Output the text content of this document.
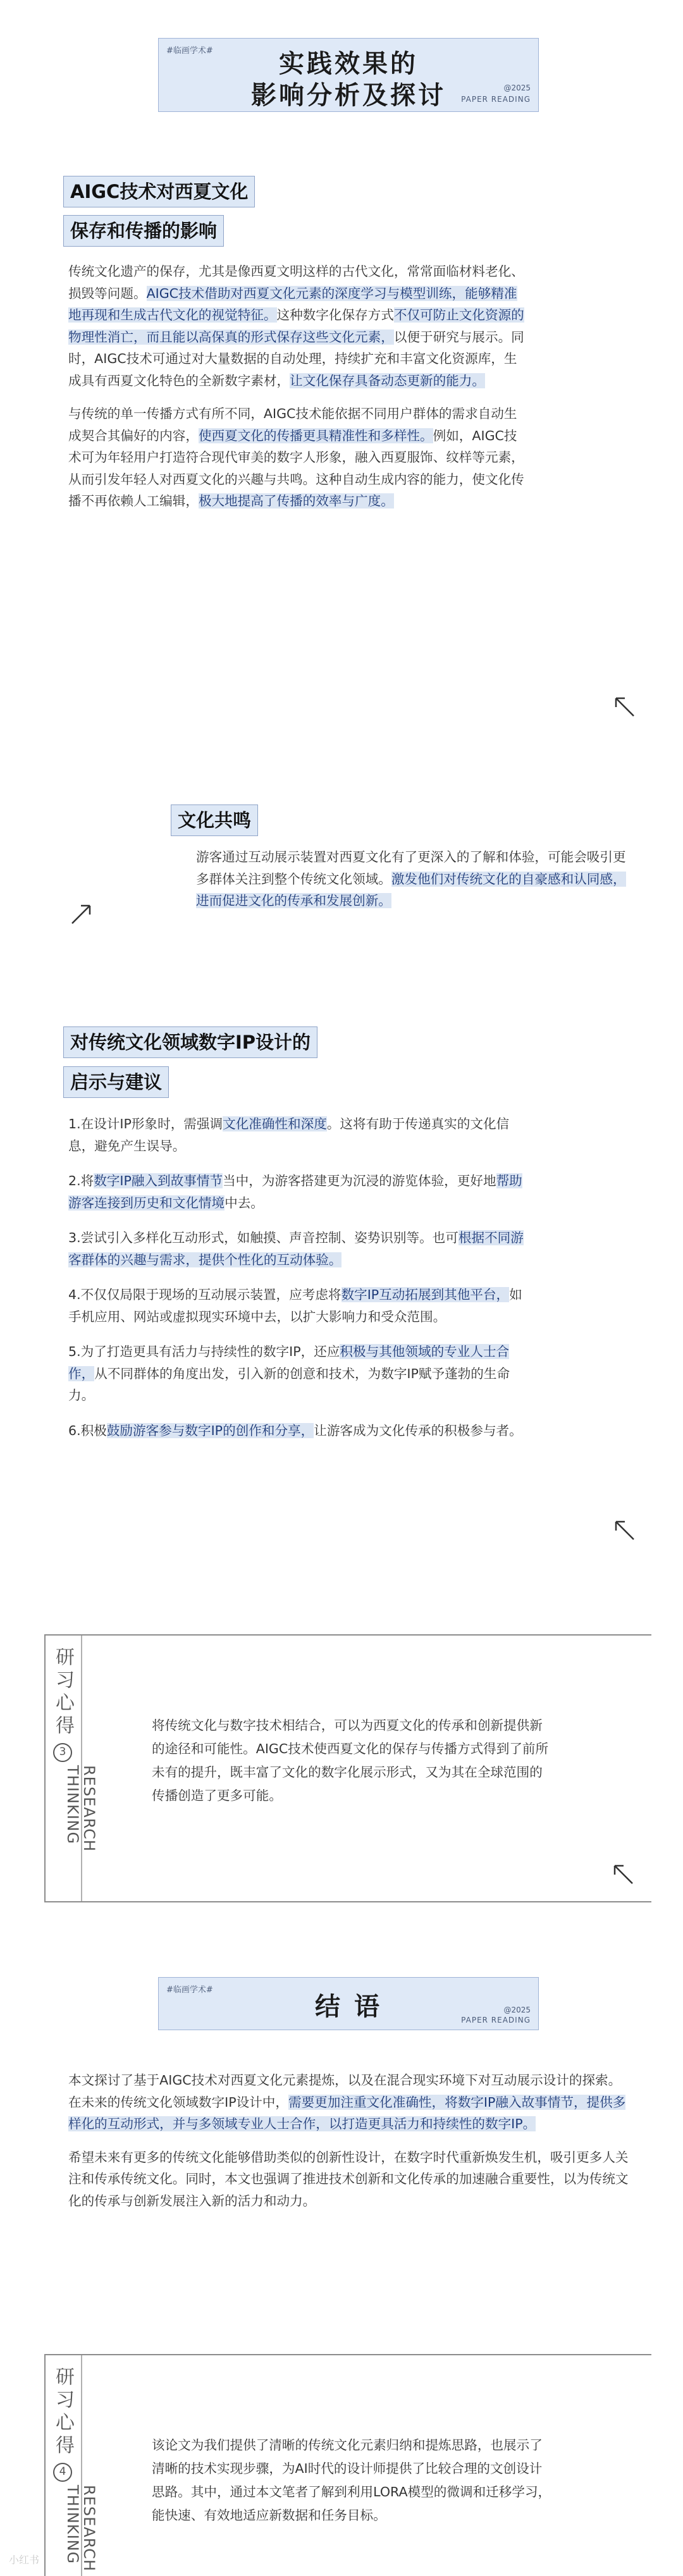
#临画学术#	实践效果的
影响分析及探讨	@2025
PAPER READING
AIGC技术对西夏文化
保存和传播的影响

传统文化遗产的保存，尤其是像西夏文明这样的古代文化，常常面临材料老化、损毁等问题。AIGC技术借助对西夏文化元素的深度学习与模型训练，能够精准地再现和生成古代文化的视觉特征。这种数字化保存方式不仅可防止文化资源的物理性消亡，而且能以高保真的形式保存这些文化元素，以便于研究与展示。同时，AIGC技术可通过对大量数据的自动处理，持续扩充和丰富文化资源库，生成具有西夏文化特色的全新数字素材，让文化保存具备动态更新的能力。

与传统的单一传播方式有所不同，AIGC技术能依据不同用户群体的需求自动生成契合其偏好的内容，使西夏文化的传播更具精准性和多样性。例如，AIGC技术可为年轻用户打造符合现代审美的数字人形象，融入西夏服饰、纹样等元素，从而引发年轻人对西夏文化的兴趣与共鸣。这种自动生成内容的能力，使文化传播不再依赖人工编辑，极大地提高了传播的效率与广度。

文化共鸣

游客通过互动展示装置对西夏文化有了更深入的了解和体验，可能会吸引更多群体关注到整个传统文化领域。激发他们对传统文化的自豪感和认同感，进而促进文化的传承和发展创新。

对传统文化领域数字IP设计的
启示与建议

1.在设计IP形象时，需强调文化准确性和深度。这将有助于传递真实的文化信息，避免产生误导。

2.将数字IP融入到故事情节当中，为游客搭建更为沉浸的游览体验，更好地帮助游客连接到历史和文化情境中去。

3.尝试引入多样化互动形式，如触摸、声音控制、姿势识别等。也可根据不同游客群体的兴趣与需求，提供个性化的互动体验。

4.不仅仅局限于现场的互动展示装置，应考虑将数字IP互动拓展到其他平台，如手机应用、网站或虚拟现实环境中去，以扩大影响力和受众范围。

5.为了打造更具有活力与持续性的数字IP，还应积极与其他领域的专业人士合作，从不同群体的角度出发，引入新的创意和技术，为数字IP赋予蓬勃的生命力。

6.积极鼓励游客参与数字IP的创作和分享，让游客成为文化传承的积极参与者。

研习心得
3
RESEARCH
THINKING
将传统文化与数字技术相结合，可以为西夏文化的传承和创新提供新的途径和可能性。AIGC技术使西夏文化的保存与传播方式得到了前所未有的提升，既丰富了文化的数字化展示形式，又为其在全球范围的传播创造了更多可能。
#临画学术#
结 语	@2025
PAPER READING

本文探讨了基于AIGC技术对西夏文化元素提炼，以及在混合现实环境下对互动展示设计的探索。在未来的传统文化领域数字IP设计中，需要更加注重文化准确性，将数字IP融入故事情节，提供多样化的互动形式，并与多领域专业人士合作，以打造更具活力和持续性的数字IP。

希望未来有更多的传统文化能够借助类似的创新性设计，在数字时代重新焕发生机，吸引更多人关注和传承传统文化。同时，本文也强调了推进技术创新和文化传承的加速融合重要性，以为传统文化的传承与创新发展注入新的活力和动力。

研习心得
4
RESEARCH
THINKING
该论文为我们提供了清晰的传统文化元素归纳和提炼思路，也展示了清晰的技术实现步骤，为AI时代的设计师提供了比较合理的文创设计思路。其中，通过本文笔者了解到利用LORA模型的微调和迁移学习，能快速、有效地适应新数据和任务目标。
小红书
